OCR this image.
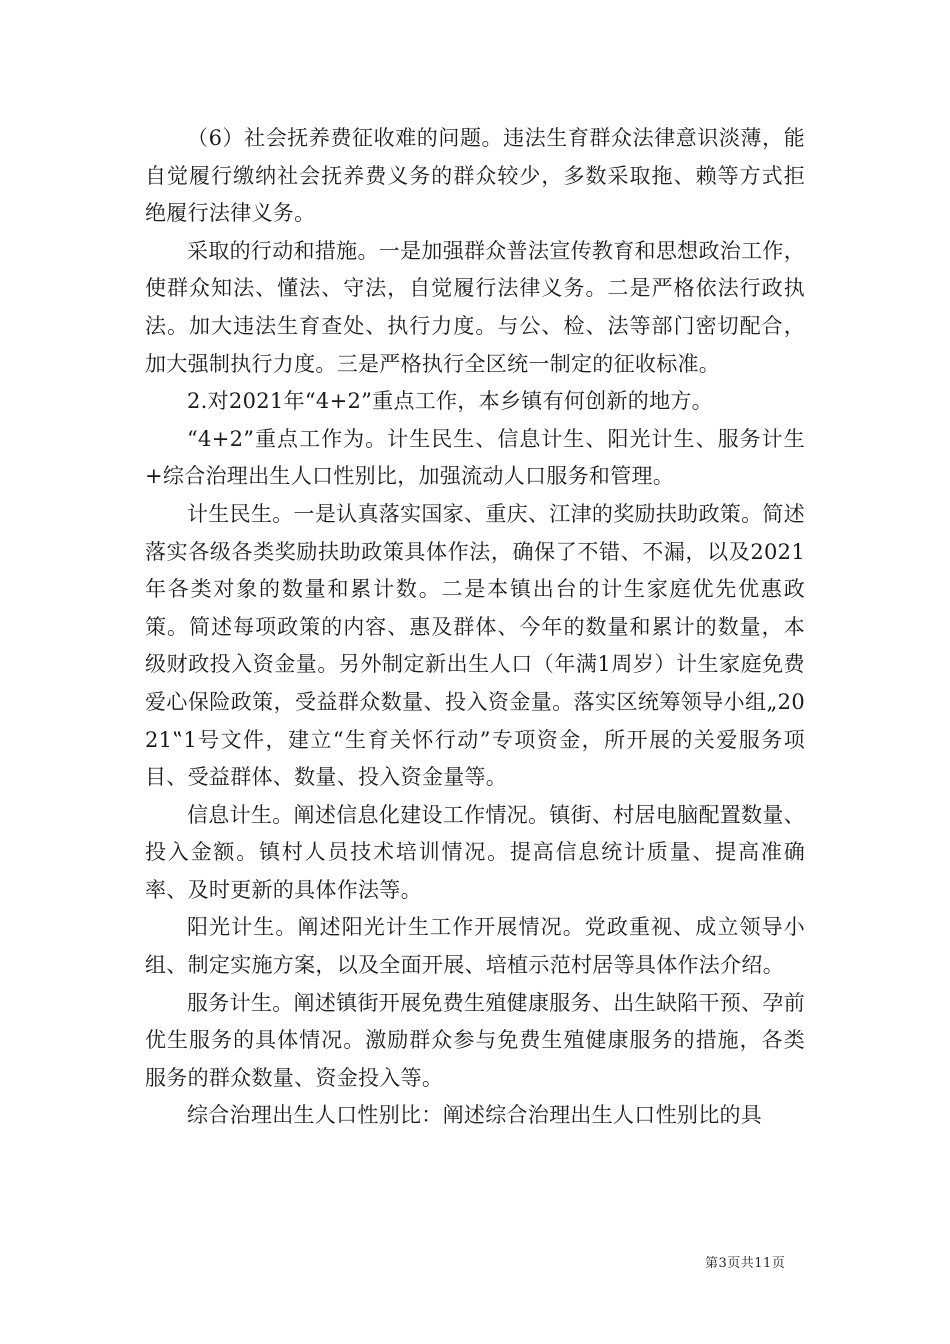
（6）社会抚养费征收难的问题。违法生育群众法律意识淡薄，能自觉履行缴纳社会抚养费义务的群众较少，多数采取拖、赖等方式拒绝履行法律义务。

采取的行动和措施。一是加强群众普法宣传教育和思想政治工作，使群众知法、懂法、守法，自觉履行法律义务。二是严格依法行政执法。加大违法生育查处、执行力度。与公、检、法等部门密切配合，加大强制执行力度。三是严格执行全区统一制定的征收标准。

2.对2021年“4+2”重点工作，本乡镇有何创新的地方。

“4+2”重点工作为。计生民生、信息计生、阳光计生、服务计生+综合治理出生人口性别比，加强流动人口服务和管理。

计生民生。一是认真落实国家、重庆、江津的奖励扶助政策。简述落实各级各类奖励扶助政策具体作法，确保了不错、不漏，以及2021年各类对象的数量和累计数。二是本镇出台的计生家庭优先优惠政策。简述每项政策的内容、惠及群体、今年的数量和累计的数量，本级财政投入资金量。另外制定新出生人口（年满1周岁）计生家庭免费爱心保险政策，受益群众数量、投入资金量。落实区统筹领导小组„2021‟1号文件，建立“生育关怀行动”专项资金，所开展的关爱服务项目、受益群体、数量、投入资金量等。

信息计生。阐述信息化建设工作情况。镇街、村居电脑配置数量、投入金额。镇村人员技术培训情况。提高信息统计质量、提高准确率、及时更新的具体作法等。

阳光计生。阐述阳光计生工作开展情况。党政重视、成立领导小组、制定实施方案，以及全面开展、培植示范村居等具体作法介绍。

服务计生。阐述镇街开展免费生殖健康服务、出生缺陷干预、孕前优生服务的具体情况。激励群众参与免费生殖健康服务的措施，各类服务的群众数量、资金投入等。

综合治理出生人口性别比：阐述综合治理出生人口性别比的具

第3页共11页
